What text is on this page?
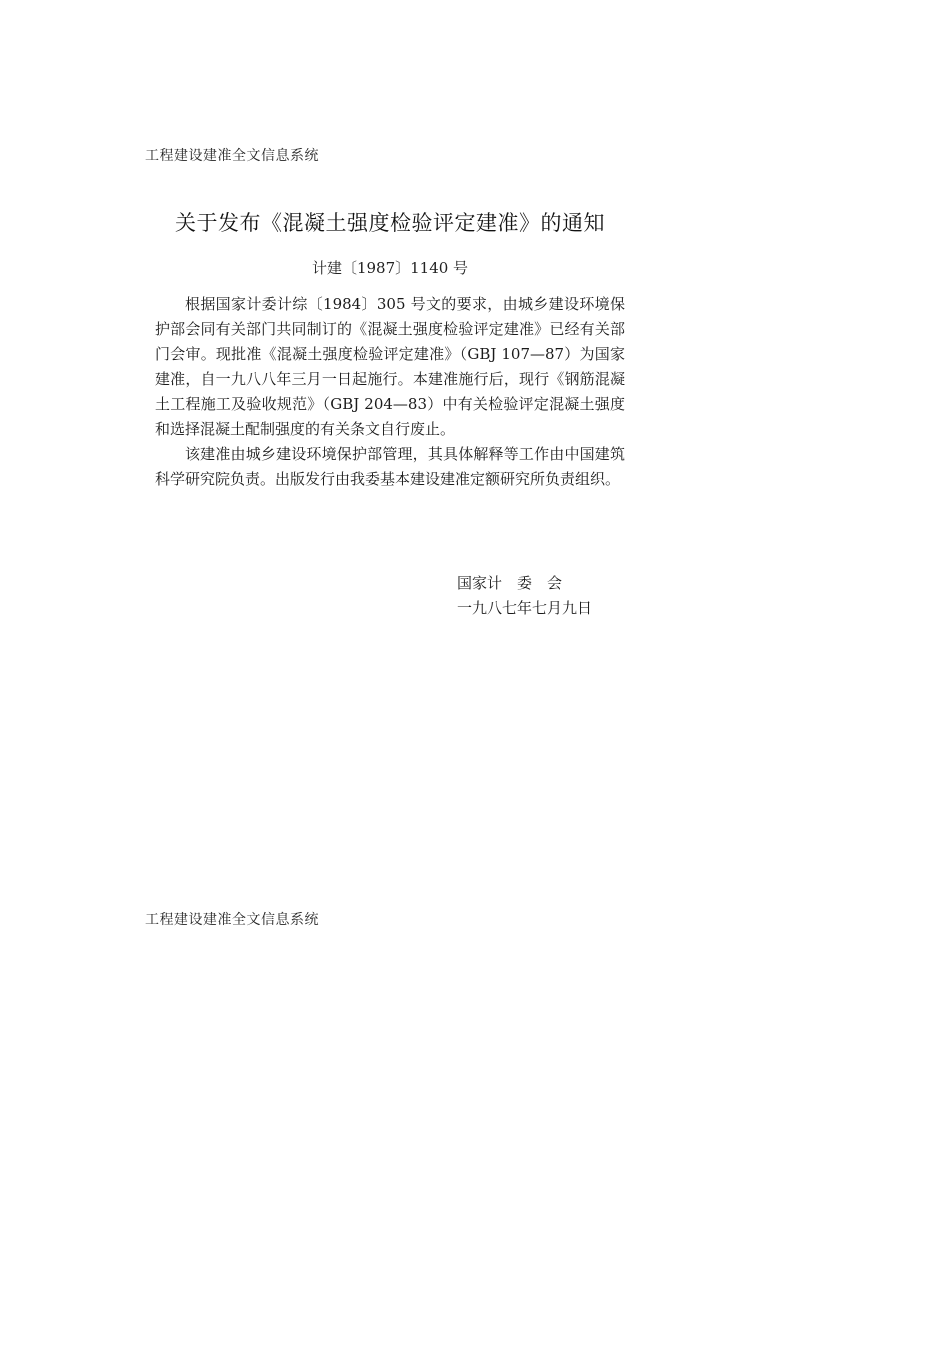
工程建设建准全文信息系统
关于发布《混凝土强度检验评定建准》的通知
计建〔1987〕1140 号

根据国家计委计综〔1984〕305 号文的要求，由城乡建设环境保护部会同有关部门共同制订的《混凝土强度检验评定建准》已经有关部门会审。现批准《混凝土强度检验评定建准》（GBJ 107—87）为国家建准，自一九八八年三月一日起施行。本建准施行后，现行《钢筋混凝土工程施工及验收规范》（GBJ 204—83）中有关检验评定混凝土强度和选择混凝土配制强度的有关条文自行废止。

该建准由城乡建设环境保护部管理，其具体解释等工作由中国建筑科学研究院负责。出版发行由我委基本建设建准定额研究所负责组织。

国家计　委　会
一九八七年七月九日
工程建设建准全文信息系统
